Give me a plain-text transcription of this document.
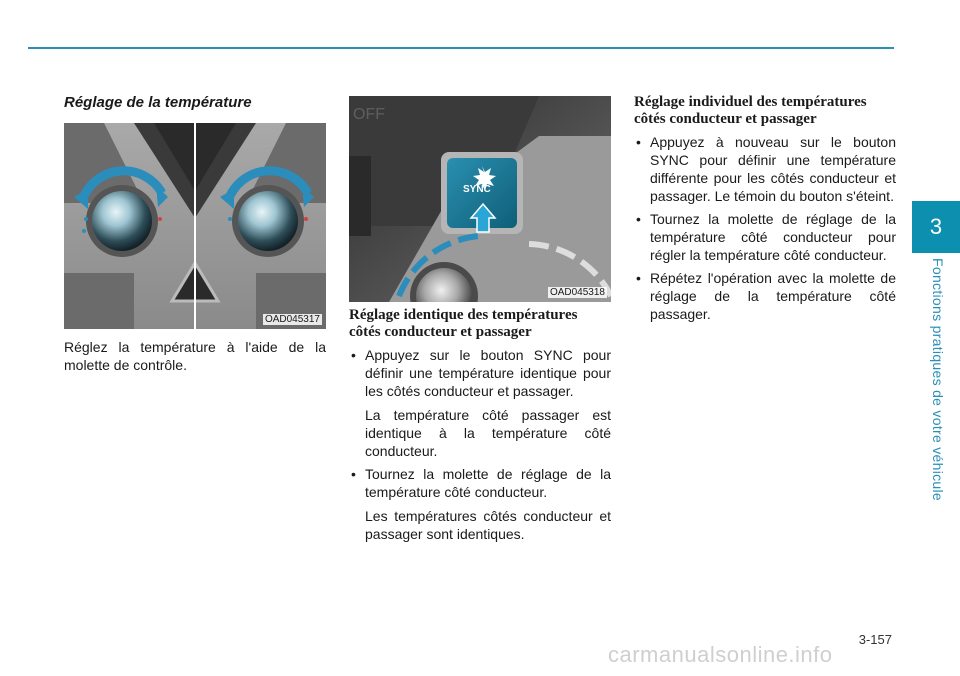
3
Fonctions pratiques de votre véhicule
Réglage de la température
OAD045317
Réglez la température à l'aide de la molette de contrôle.
OFF
SYNC
OAD045318
Réglage identique des températures côtés conducteur et passager
• Appuyez sur le bouton SYNC pour définir une température identique pour les côtés conducteur et passager.
La température côté passager est identique à la température côté conducteur.
• Tournez la molette de réglage de la température côté conducteur.
Les températures côtés conducteur et passager sont identiques.
Réglage individuel des températures côtés conducteur et passager
• Appuyez à nouveau sur le bouton SYNC pour définir une température différente pour les côtés conducteur et passager. Le témoin du bouton s'éteint.
• Tournez la molette de réglage de la température côté conducteur pour régler la température côté conducteur.
• Répétez l'opération avec la molette de réglage de la température côté passager.
3-157
carmanualsonline.info
